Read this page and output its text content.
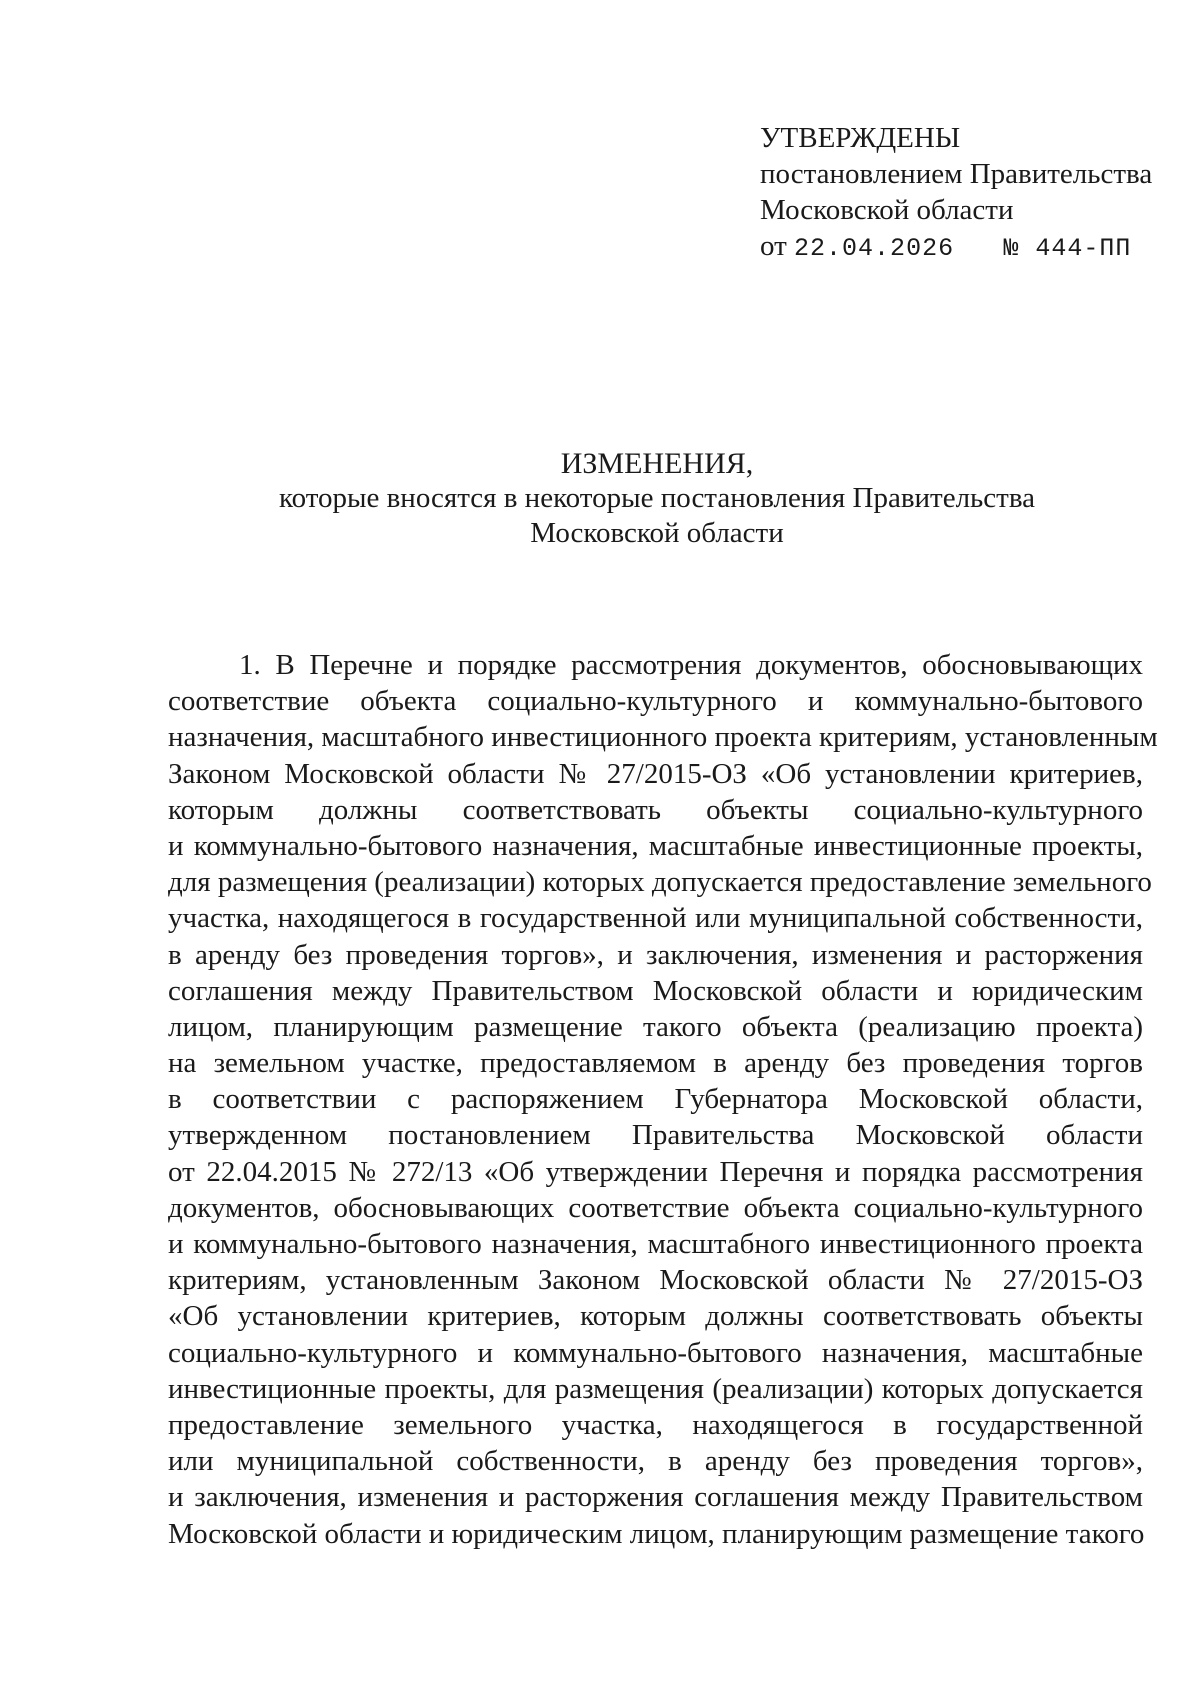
УТВЕРЖДЕНЫ
постановлением Правительства
Московской области
от 22.04.2026 № 444-ПП
ИЗМЕНЕНИЯ,
которые вносятся в некоторые постановления Правительства
Московской области
1. В Перечне и порядке рассмотрения документов, обосновывающих
соответствие объекта социально-культурного и коммунально-бытового
назначения, масштабного инвестиционного проекта критериям, установленным
Законом Московской области № 27/2015-ОЗ «Об установлении критериев,
которым должны соответствовать объекты социально-культурного
и коммунально-бытового назначения, масштабные инвестиционные проекты,
для размещения (реализации) которых допускается предоставление земельного
участка, находящегося в государственной или муниципальной собственности,
в аренду без проведения торгов», и заключения, изменения и расторжения
соглашения между Правительством Московской области и юридическим
лицом, планирующим размещение такого объекта (реализацию проекта)
на земельном участке, предоставляемом в аренду без проведения торгов
в соответствии с распоряжением Губернатора Московской области,
утвержденном постановлением Правительства Московской области
от 22.04.2015 № 272/13 «Об утверждении Перечня и порядка рассмотрения
документов, обосновывающих соответствие объекта социально-культурного
и коммунально-бытового назначения, масштабного инвестиционного проекта
критериям, установленным Законом Московской области № 27/2015-ОЗ
«Об установлении критериев, которым должны соответствовать объекты
социально-культурного и коммунально-бытового назначения, масштабные
инвестиционные проекты, для размещения (реализации) которых допускается
предоставление земельного участка, находящегося в государственной
или муниципальной собственности, в аренду без проведения торгов»,
и заключения, изменения и расторжения соглашения между Правительством
Московской области и юридическим лицом, планирующим размещение такого
